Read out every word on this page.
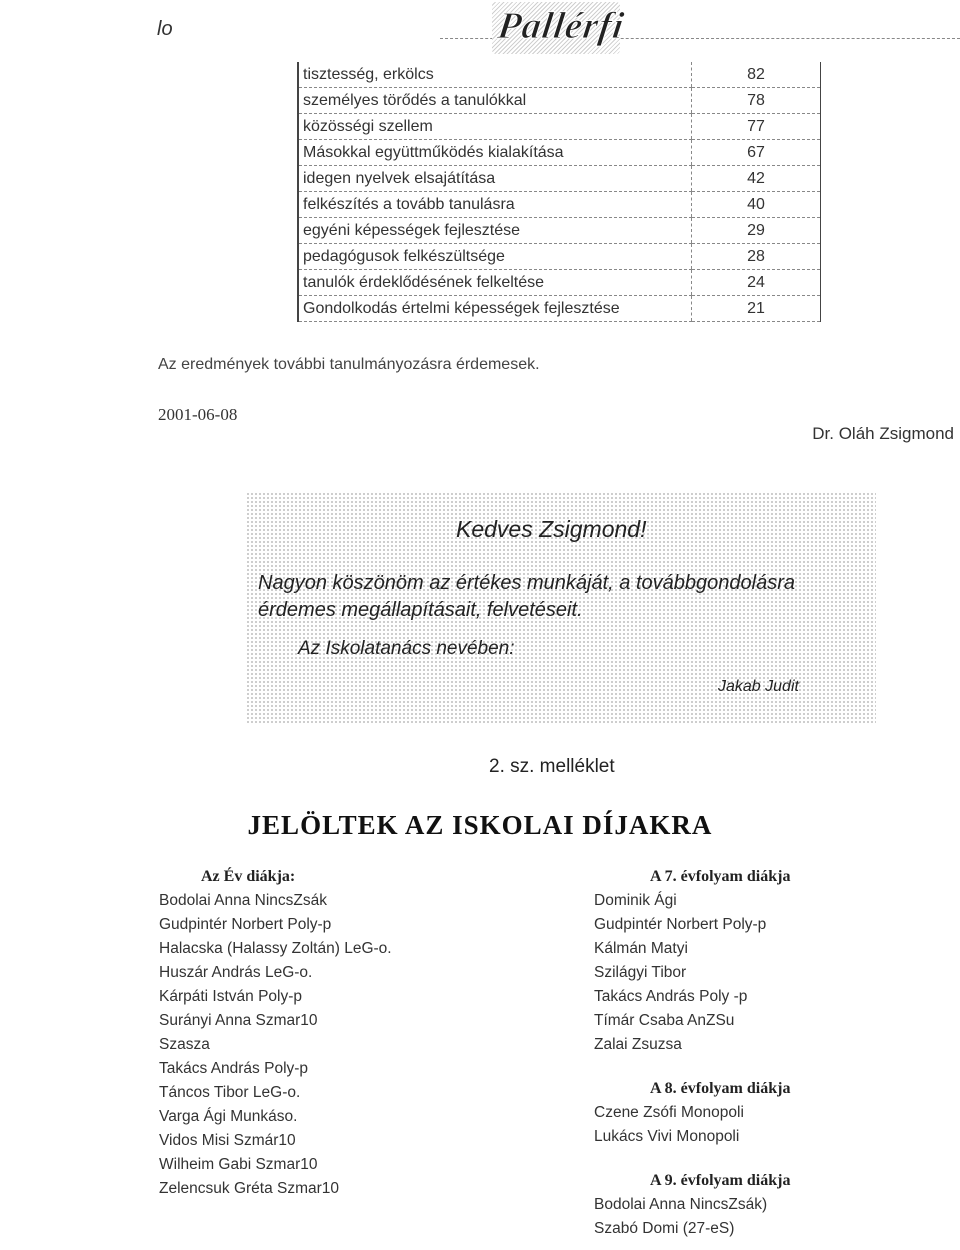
lo	Pallérfi
tisztesség, erkölcs	82
személyes törődés a tanulókkal	78
közösségi szellem	77
Másokkal együttműködés kialakítása	67
idegen nyelvek elsajátítása	42
felkészítés a tovább tanulásra	40
egyéni képességek fejlesztése	29
pedagógusok felkészültsége	28
tanulók érdeklődésének felkeltése	24
Gondolkodás értelmi képességek fejlesztése	21
Az eredmények további tanulmányozásra érdemesek.
2001-06-08
Dr. Oláh Zsigmond
Kedves Zsigmond!
Nagyon köszönöm az értékes munkáját, a továbbgondolásra érdemes megállapításait, felvetéseit.
Az Iskolatanács nevében:
Jakab Judit
2. sz. melléklet
JELÖLTEK AZ ISKOLAI DÍJAKRA
Az Év diákja:
Bodolai Anna NincsZsák
Gudpintér Norbert Poly-p
Halacska (Halassy Zoltán) LeG-o.
Huszár András LeG-o.
Kárpáti István Poly-p
Surányi Anna Szmar10
Szasza
Takács András Poly-p
Táncos Tibor LeG-o.
Varga Ági Munkáso.
Vidos Misi Szmár10
Wilheim Gabi Szmar10
Zelencsuk Gréta Szmar10
A 7. évfolyam diákja
Dominik Ági
Gudpintér Norbert Poly-p
Kálmán Matyi
Szilágyi Tibor
Takács András Poly -p
Tímár Csaba AnZSu
Zalai Zsuzsa
A 8. évfolyam diákja
Czene Zsófi Monopoli
Lukács Vivi Monopoli
A 9. évfolyam diákja
Bodolai Anna NincsZsák)
Szabó Domi (27-eS)
